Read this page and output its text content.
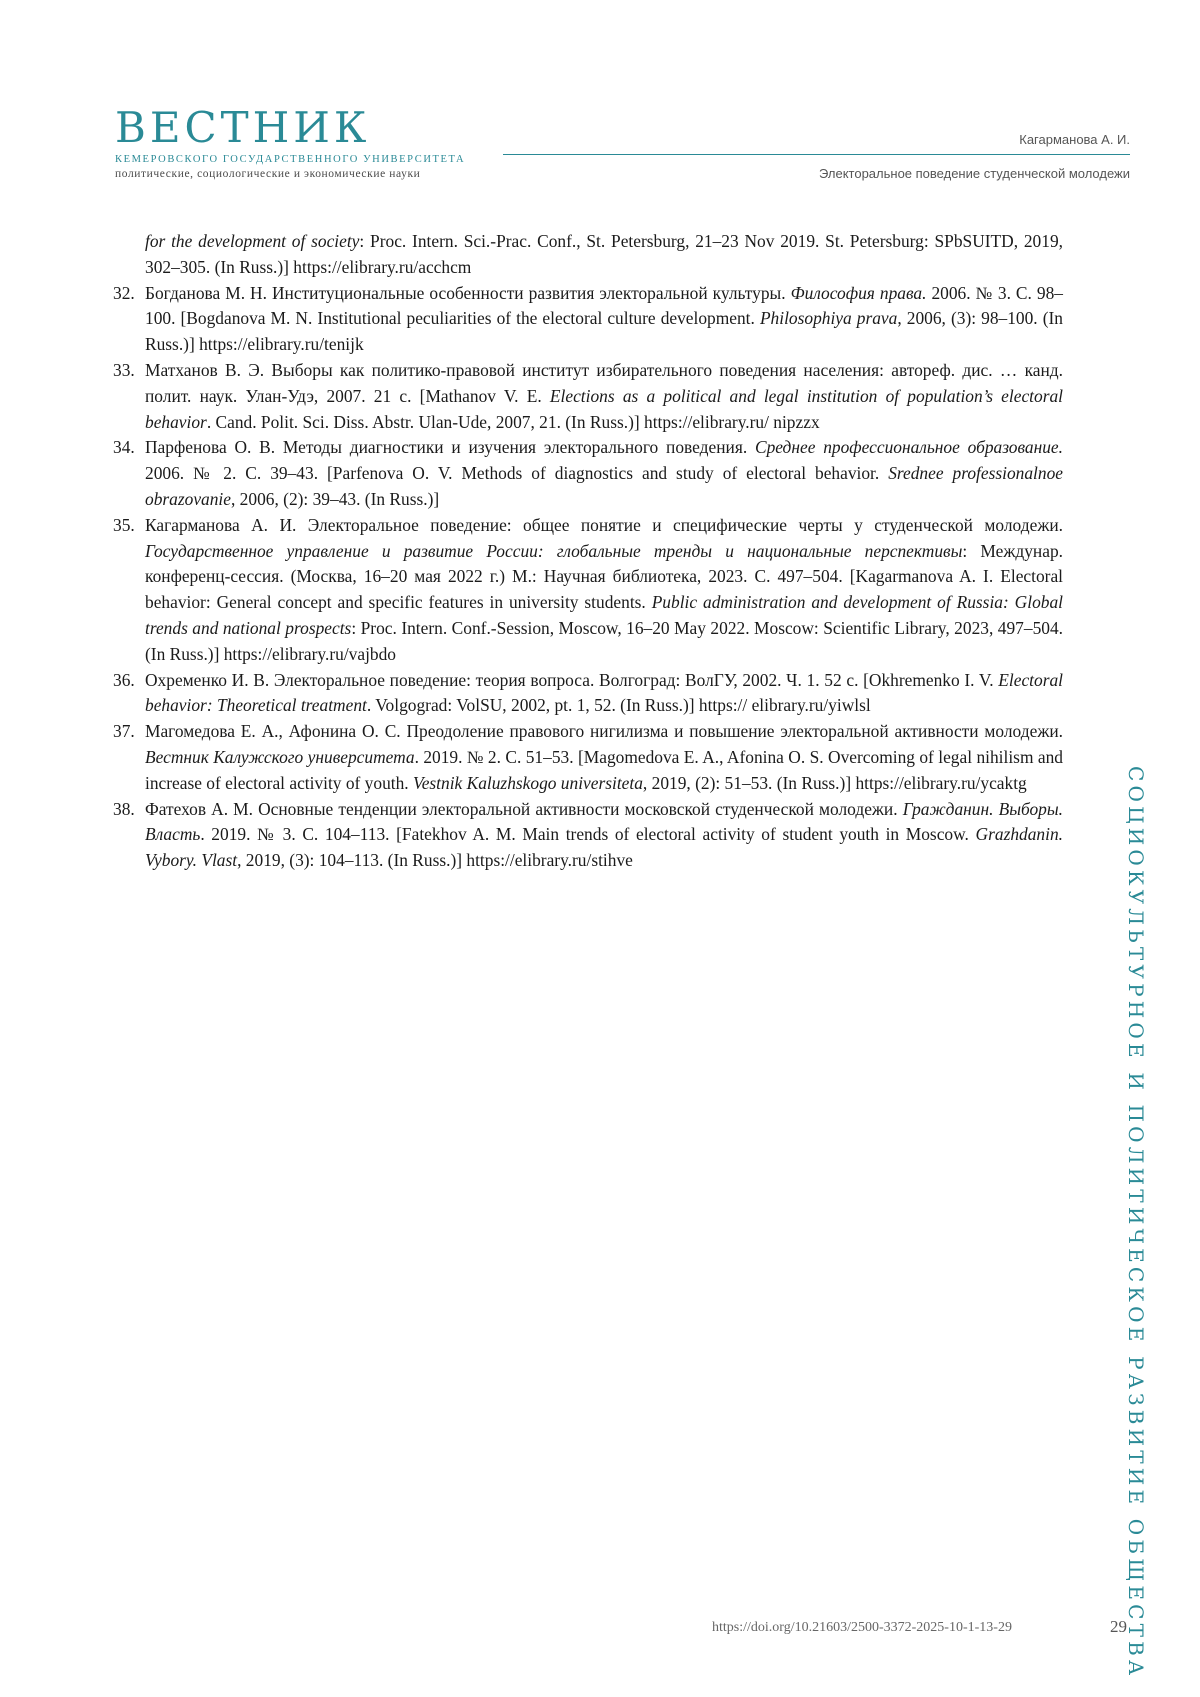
ВЕСТНИК
КЕМЕРОВСКОГО ГОСУДАРСТВЕННОГО УНИВЕРСИТЕТА
политические, социологические и экономические науки
Кагарманова А. И.
Электоральное поведение студенческой молодежи
for the development of society: Proc. Intern. Sci.-Prac. Conf., St. Petersburg, 21–23 Nov 2019. St. Petersburg: SPbSUITD, 2019, 302–305. (In Russ.)] https://elibrary.ru/acchcm
32. Богданова М. Н. Институциональные особенности развития электоральной культуры. Философия права. 2006. № 3. С. 98–100. [Bogdanova M. N. Institutional peculiarities of the electoral culture development. Philosophiya prava, 2006, (3): 98–100. (In Russ.)] https://elibrary.ru/tenijk
33. Матханов В. Э. Выборы как политико-правовой институт избирательного поведения населения: автореф. дис. … канд. полит. наук. Улан-Удэ, 2007. 21 с. [Mathanov V. E. Elections as a political and legal institution of population’s electoral behavior. Cand. Polit. Sci. Diss. Abstr. Ulan-Ude, 2007, 21. (In Russ.)] https://elibrary.ru/ nipzzx
34. Парфенова О. В. Методы диагностики и изучения электорального поведения. Среднее профессиональное образование. 2006. № 2. С. 39–43. [Parfenova O. V. Methods of diagnostics and study of electoral behavior. Srednee professionalnoe obrazovanie, 2006, (2): 39–43. (In Russ.)]
35. Кагарманова А. И. Электоральное поведение: общее понятие и специфические черты у студенческой молодежи. Государственное управление и развитие России: глобальные тренды и национальные перспективы: Междунар. конференц-сессия. (Москва, 16–20 мая 2022 г.) М.: Научная библиотека, 2023. С. 497–504. [Kagarmanova A. I. Electoral behavior: General concept and specific features in university students. Public administration and development of Russia: Global trends and national prospects: Proc. Intern. Conf.-Session, Moscow, 16–20 May 2022. Moscow: Scientific Library, 2023, 497–504. (In Russ.)] https://elibrary.ru/vajbdo
36. Охременко И. В. Электоральное поведение: теория вопроса. Волгоград: ВолГУ, 2002. Ч. 1. 52 с. [Okhremenko I. V. Electoral behavior: Theoretical treatment. Volgograd: VolSU, 2002, pt. 1, 52. (In Russ.)] https:// elibrary.ru/yiwlsl
37. Магомедова Е. А., Афонина О. С. Преодоление правового нигилизма и повышение электоральной активности молодежи. Вестник Калужского университета. 2019. № 2. С. 51–53. [Magomedova E. A., Afonina O. S. Overcoming of legal nihilism and increase of electoral activity of youth. Vestnik Kaluzhskogo universiteta, 2019, (2): 51–53. (In Russ.)] https://elibrary.ru/ycaktg
38. Фатехов А. М. Основные тенденции электоральной активности московской студенческой молодежи. Гражданин. Выборы. Власть. 2019. № 3. С. 104–113. [Fatekhov A. M. Main trends of electoral activity of student youth in Moscow. Grazhdanin. Vybory. Vlast, 2019, (3): 104–113. (In Russ.)] https://elibrary.ru/stihve	СОЦИОКУЛЬТУРНОЕ И ПОЛИТИЧЕСКОЕ РАЗВИТИЕ ОБЩЕСТВА
https://doi.org/10.21603/2500-3372-2025-10-1-13-29	29
